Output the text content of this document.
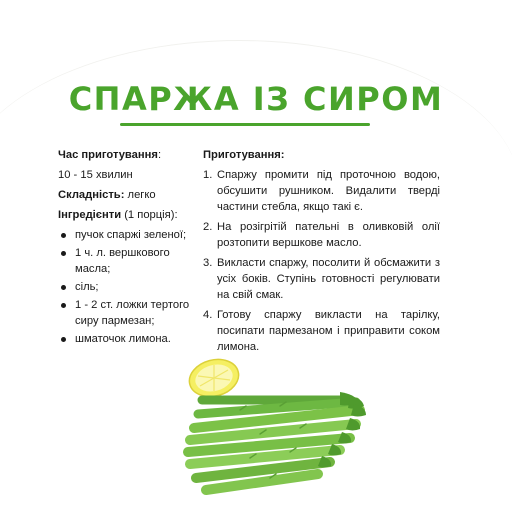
СПАРЖА ІЗ СИРОМ

Час приготування:

10 - 15 хвилин

Складність: легко

Інгредієнти (1 порція):

пучок спаржі зеленої;
1 ч. л. вершкового масла;
сіль;
1 - 2 ст. ложки тертого сиру пармезан;
шматочок лимона.

Приготування:

1. Спаржу промити під проточною водою, обсушити рушником. Видалити тверді частини стебла, якщо такі є.
2. На розігрітій пательні в оливковій олії розтопити вершкове масло.
3. Викласти спаржу, посолити й обсмажити з усіх боків. Ступінь готовності регулювати на свій смак.
4. Готову спаржу викласти на тарілку, посипати пармезаном і приправити соком лимона.
